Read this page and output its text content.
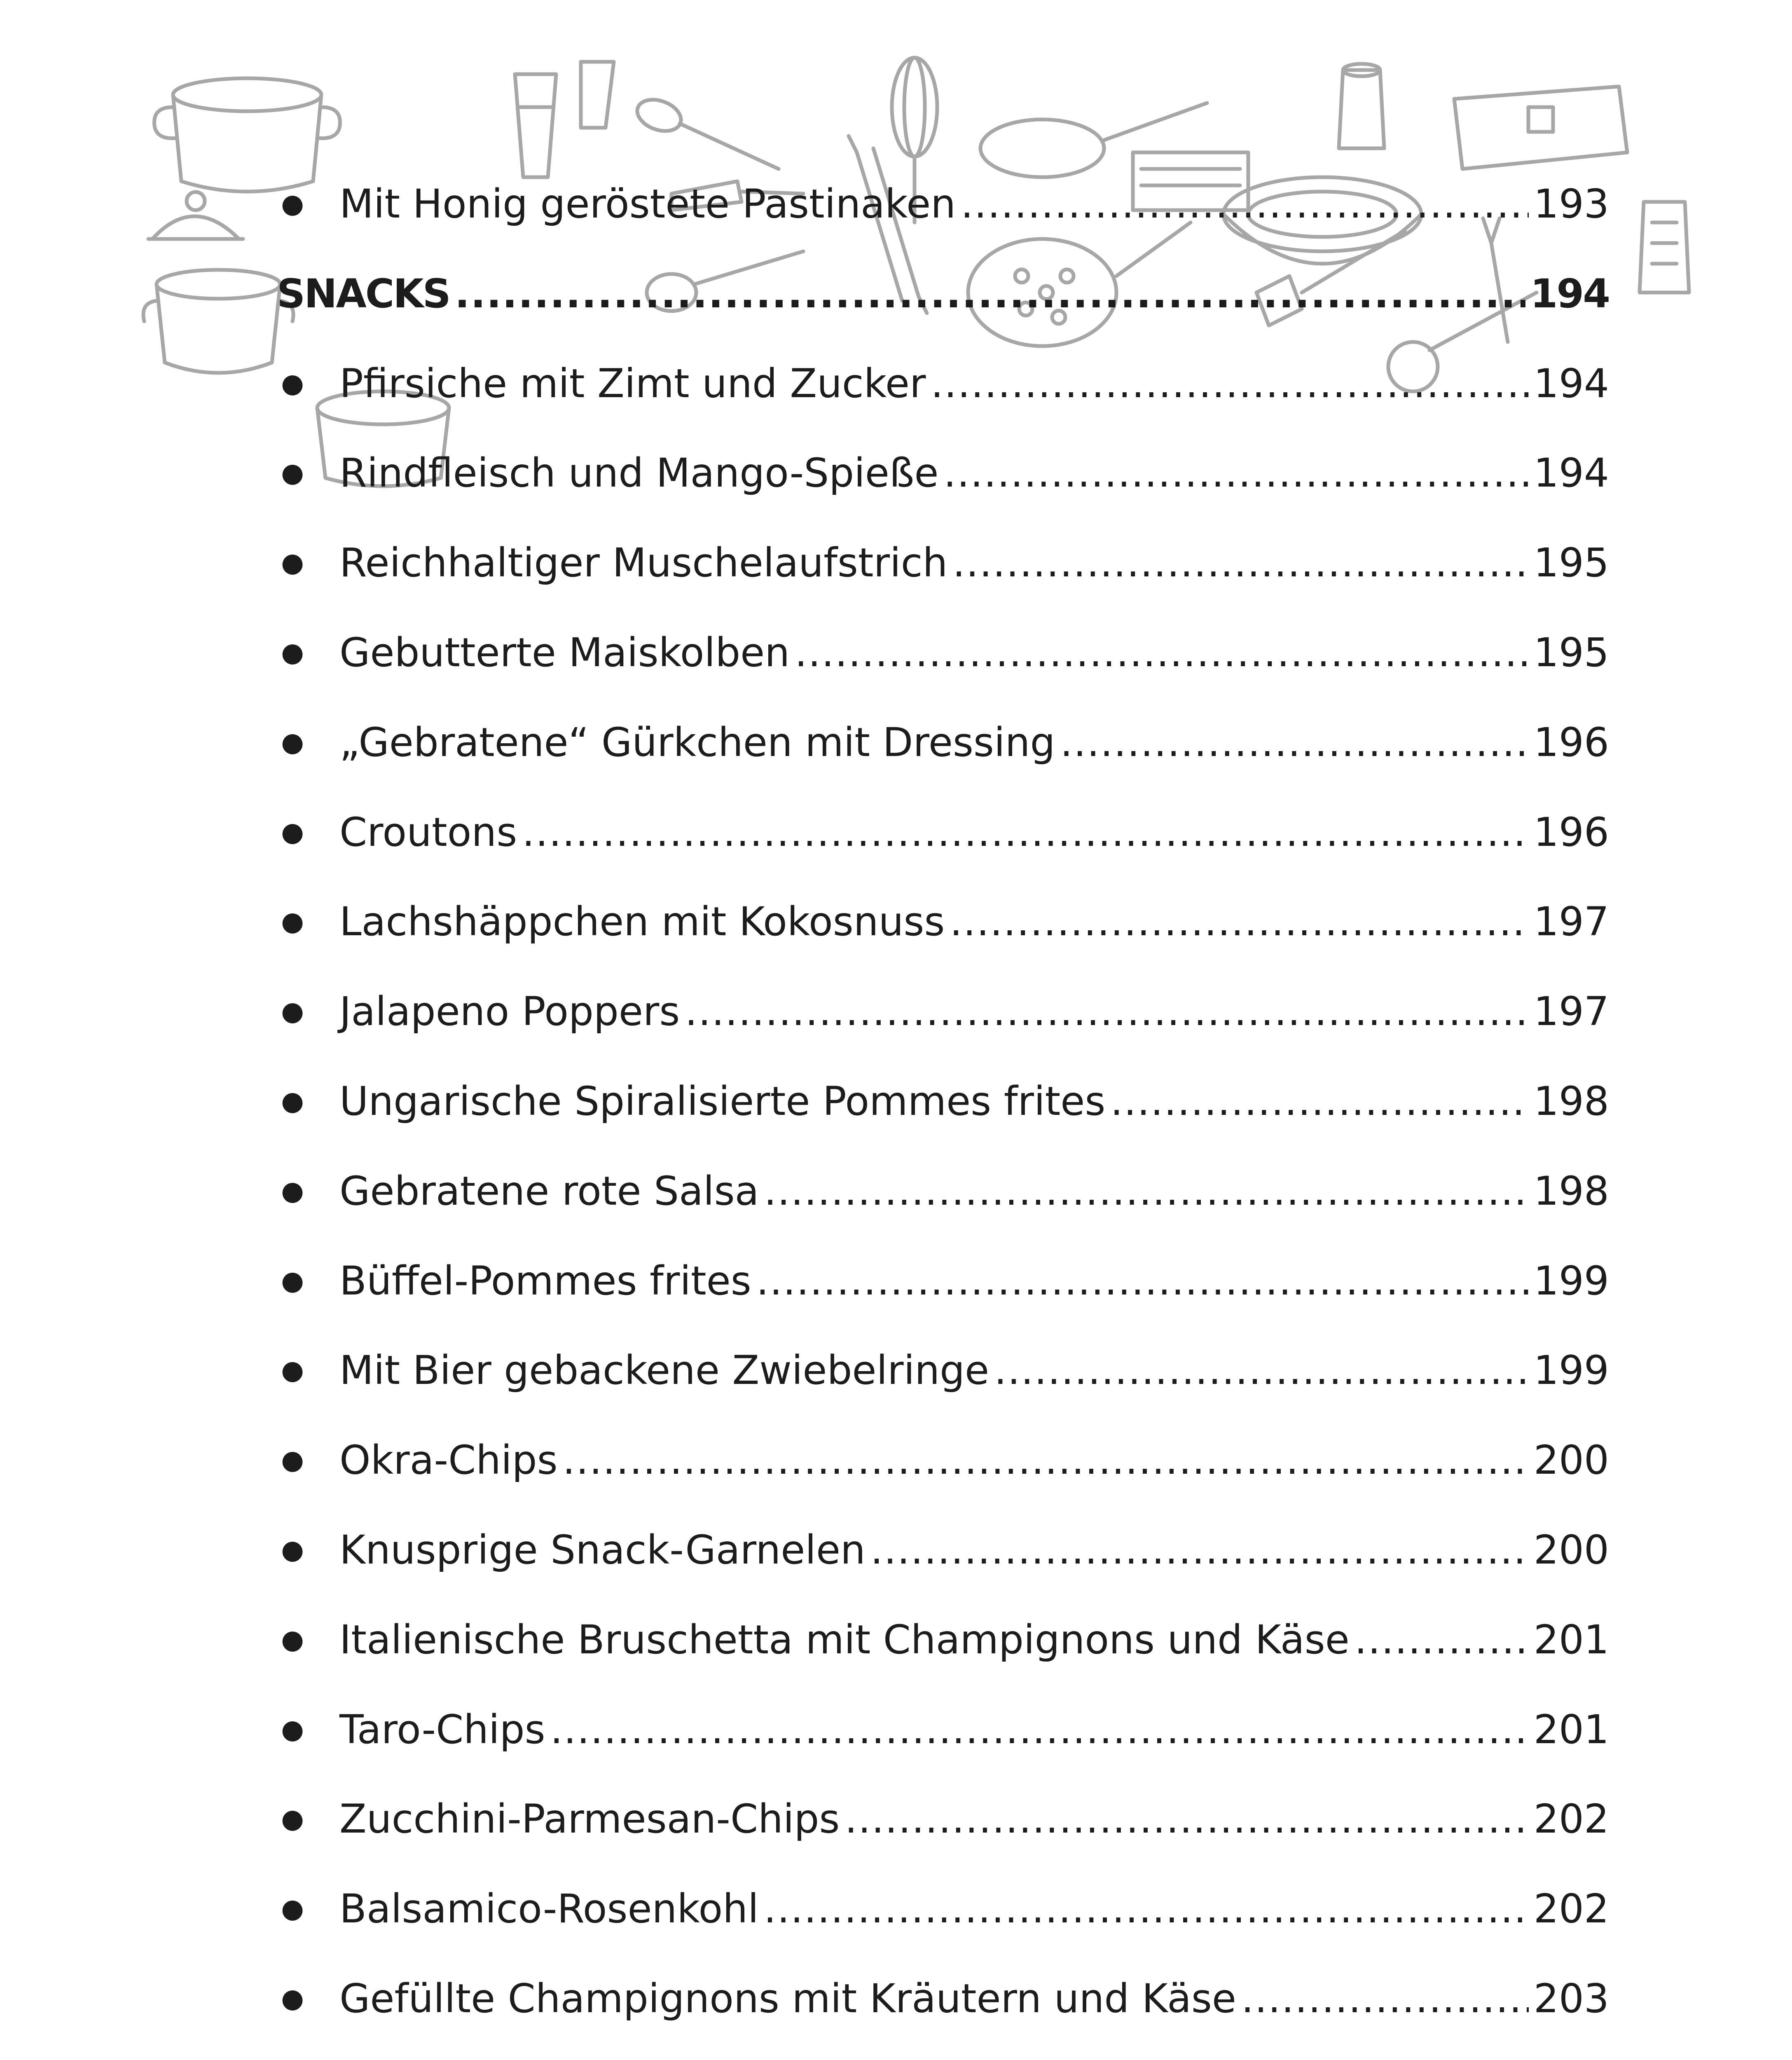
● Mit Honig geröstete Pastinaken .....	193
SNACKS .....	194
● Pfirsiche mit Zimt und Zucker .....	194
● Rindfleisch und Mango-Spieße .....	194
● Reichhaltiger Muschelaufstrich .....	195
● Gebutterte Maiskolben .....	195
● „Gebratene“ Gürkchen mit Dressing .....	196
● Croutons .....	196
● Lachshäppchen mit Kokosnuss .....	197
● Jalapeno Poppers .....	197
● Ungarische Spiralisierte Pommes frites .....	198
● Gebratene rote Salsa .....	198
● Büffel-Pommes frites .....	199
● Mit Bier gebackene Zwiebelringe .....	199
● Okra-Chips .....	200
● Knusprige Snack-Garnelen .....	200
● Italienische Bruschetta mit Champignons und Käse .....	201
● Taro-Chips .....	201
● Zucchini-Parmesan-Chips .....	202
● Balsamico-Rosenkohl .....	202
● Gefüllte Champignons mit Kräutern und Käse .....	203
.....
